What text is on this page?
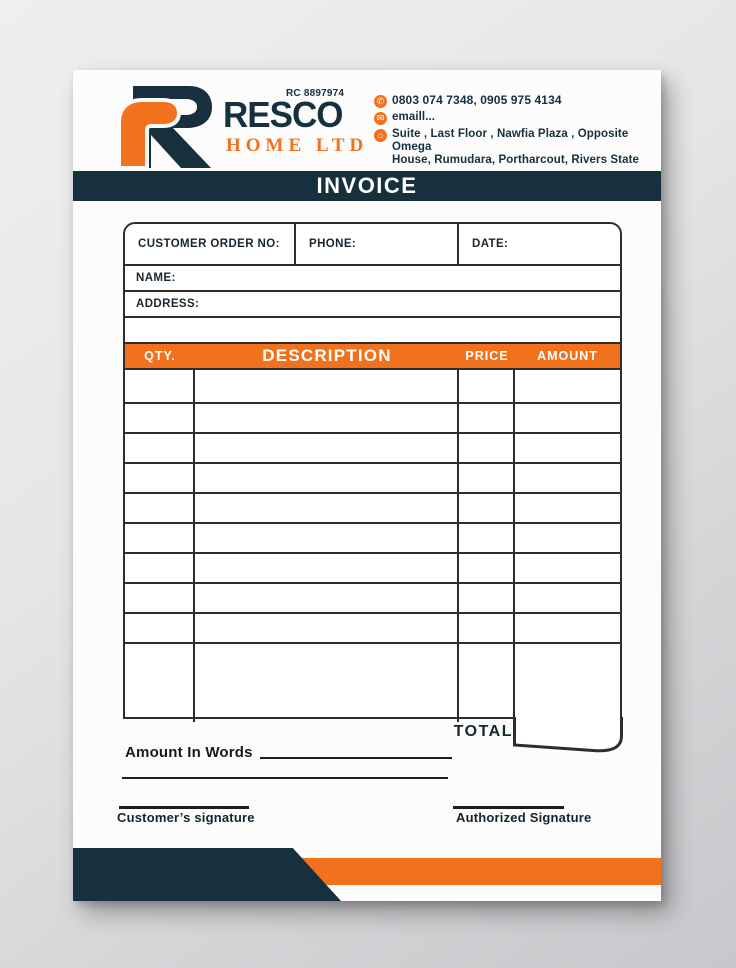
RC 8897974
RESCO
HOME LTD
✆ 0803 074 7348, 0905 975 4134
✉ emaill...
⌂ Suite , Last Floor , Nawfia Plaza , Opposite Omega
House, Rumudara, Portharcout, Rivers State
INVOICE
CUSTOMER ORDER NO:	PHONE:	DATE:
NAME:
ADDRESS:
QTY.	DESCRIPTION	PRICE	AMOUNT
TOTAL
Amount In Words
Customer’s signature	Authorized Signature
